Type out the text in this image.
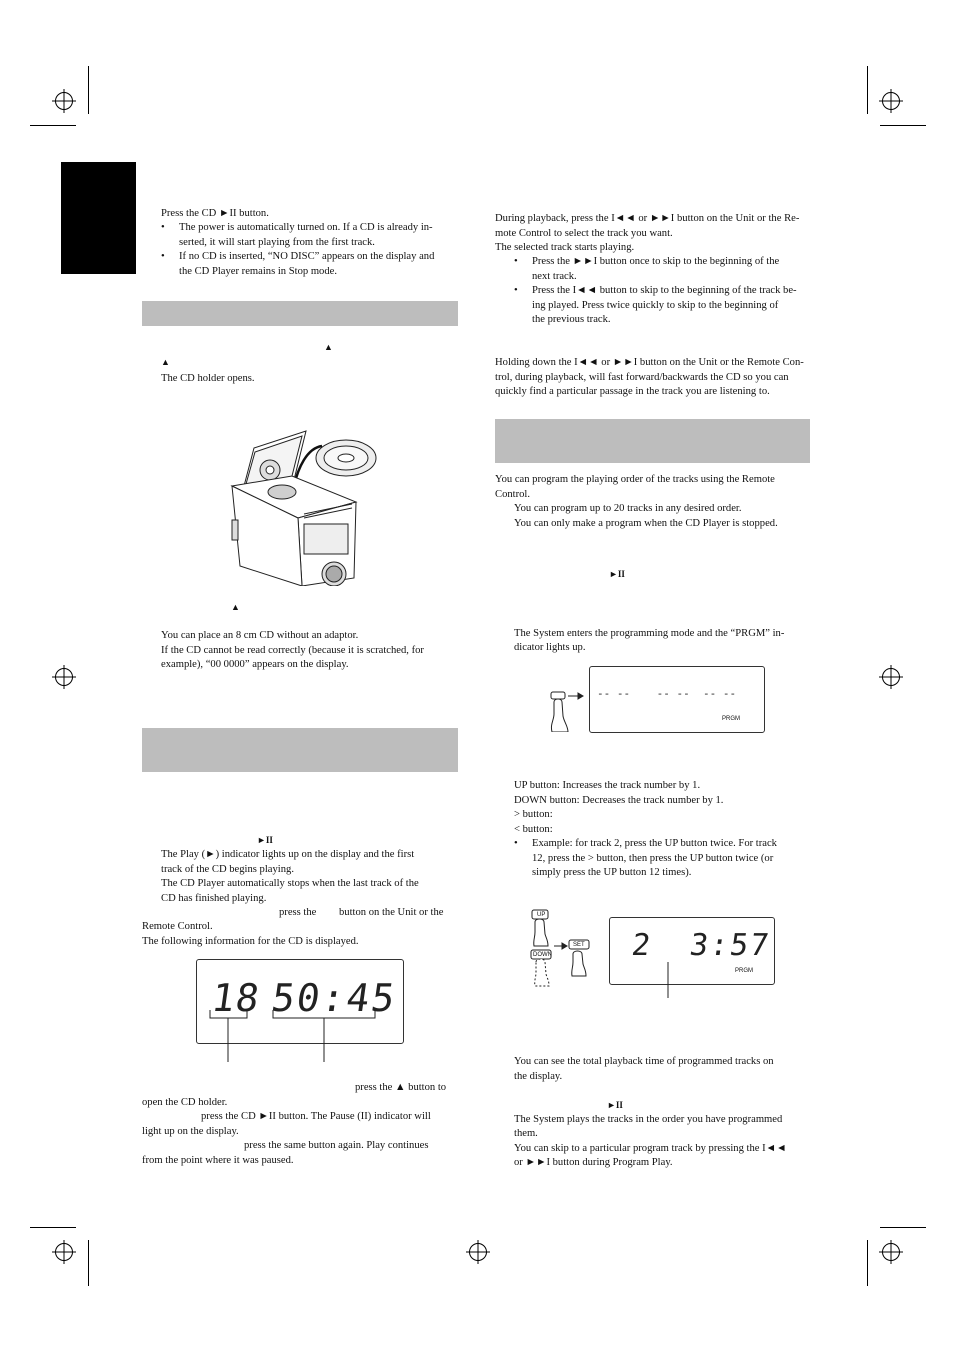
Press the CD ►II button.
• The power is automatically turned on. If a CD is already in-
serted, it will start playing from the first track.
• If no CD is inserted, “NO DISC” appears on the display and
the CD Player remains in Stop mode.
▲
▲
The CD holder opens.
▲
You can place an 8 cm CD without an adaptor.
If the CD cannot be read correctly (because it is scratched, for
example), “00 0000” appears on the display.
►II
The Play (►) indicator lights up on the display and the first
track of the CD begins playing.
The CD Player automatically stops when the last track of the
CD has finished playing.
press the button on the Unit or the
Remote Control.
The following information for the CD is displayed.
18 50:45
press the ▲ button to
open the CD holder.
press the CD ►II button. The Pause (II) indicator will
light up on the display.
press the same button again. Play continues
from the point where it was paused.
During playback, press the I◄◄ or ►►I button on the Unit or the Re-
mote Control to select the track you want.
The selected track starts playing.
• Press the ►►I button once to skip to the beginning of the
next track.
• Press the I◄◄ button to skip to the beginning of the track be-
ing played. Press twice quickly to skip to the beginning of
the previous track.
Holding down the I◄◄ or ►►I button on the Unit or the Remote Con-
trol, during playback, will fast forward/backwards the CD so you can
quickly find a particular passage in the track you are listening to.
You can program the playing order of the tracks using the Remote
Control.
You can program up to 20 tracks in any desired order.
You can only make a program when the CD Player is stopped.
►II
The System enters the programming mode and the “PRGM” in-
dicator lights up.
-- --    -- --  -- --
PRGM
UP button: Increases the track number by 1.
DOWN button: Decreases the track number by 1.
> button:
< button:
• Example: for track 2, press the UP button twice. For track
12, press the > button, then press the UP button twice (or
simply press the UP button 12 times).
UP
DOWN
SET 2 3:57
PRGM
You can see the total playback time of programmed tracks on
the display.
►II
The System plays the tracks in the order you have programmed
them.
You can skip to a particular program track by pressing the I◄◄
or ►►I button during Program Play.
